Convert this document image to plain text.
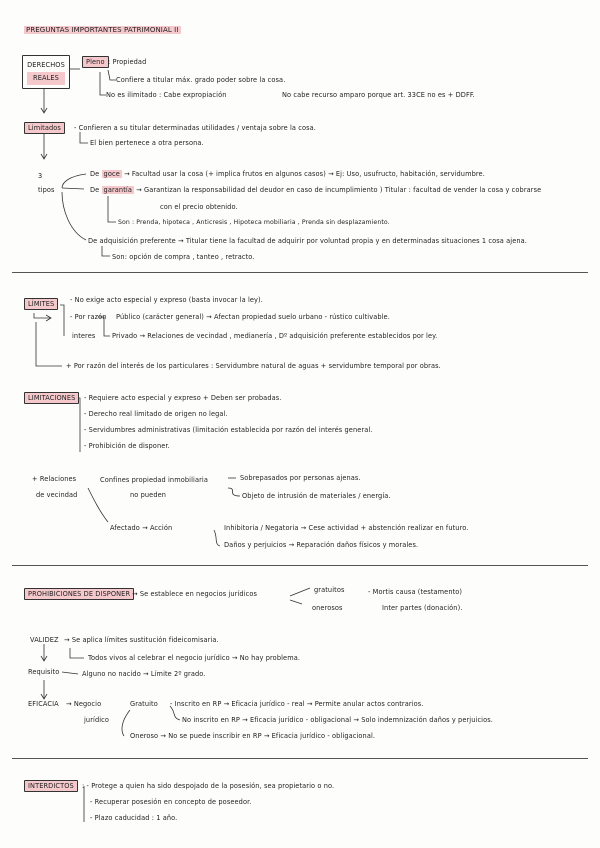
PREGUNTAS IMPORTANTES PATRIMONIAL II
DERECHOS
REALES
Pleno : Propiedad
Confiere a titular máx. grado poder sobre la cosa.
No es ilimitado : Cabe expropiación	No cabe recurso amparo porque art. 33CE no es + DDFF.
Limitados	- Confieren a su titular determinadas utilidades / ventaja sobre la cosa.
El bien pertenece a otra persona.
3
tipos
De goce → Facultad usar la cosa (+ implica frutos en algunos casos) → Ej: Uso, usufructo, habitación, servidumbre.
De garantía → Garantizan la responsabilidad del deudor en caso de incumplimiento ) Titular : facultad de vender la cosa y cobrarse
con el precio obtenido.
Son : Prenda, hipoteca , Anticresis , Hipoteca mobiliaria , Prenda sin desplazamiento.
De adquisición preferente → Titular tiene la facultad de adquirir por voluntad propia y en determinadas situaciones 1 cosa ajena.
Son: opción de compra , tanteo , retracto.
LÍMITES	- No exige acto especial y expreso (basta invocar la ley).
- Por razón
interes
Público (carácter general) → Afectan propiedad suelo urbano - rústico cultivable.
Privado → Relaciones de vecindad , medianería , Dº adquisición preferente establecidos por ley.
+ Por razón del interés de los particulares : Servidumbre natural de aguas + servidumbre temporal por obras.
LIMITACIONES	- Requiere acto especial y expreso + Deben ser probadas.
- Derecho real limitado de origen no legal.
- Servidumbres administrativas (limitación establecida por razón del interés general.
- Prohibición de disponer.
+ Relaciones
de vecindad
Confines propiedad inmobiliaria
no pueden
Sobrepasados por personas ajenas.
Objeto de intrusión de materiales / energía.
Afectado → Acción	Inhibitoria / Negatoria → Cese actividad + abstención realizar en futuro.
Daños y perjuicios → Reparación daños físicos y morales.
PROHIBICIONES DE DISPONER → Se establece en negocios jurídicos	gratuitos
onerosos
- Mortis causa (testamento)
Inter partes (donación).
VALIDEZ → Se aplica límites sustitución fideicomisaria.
Requisito
Todos vivos al celebrar el negocio jurídico → No hay problema.
Alguno no nacido → Límite 2º grado.
EFICACIA → Negocio
jurídico
Gratuito - Inscrito en RP → Eficacia jurídico - real → Permite anular actos contrarios.
No inscrito en RP → Eficacia jurídico - obligacional → Solo indemnización daños y perjuicios.
Oneroso → No se puede inscribir en RP → Eficacia jurídico - obligacional.
INTERDICTOS	: - Protege a quien ha sido despojado de la posesión, sea propietario o no.
- Recuperar posesión en concepto de poseedor.
- Plazo caducidad : 1 año.
